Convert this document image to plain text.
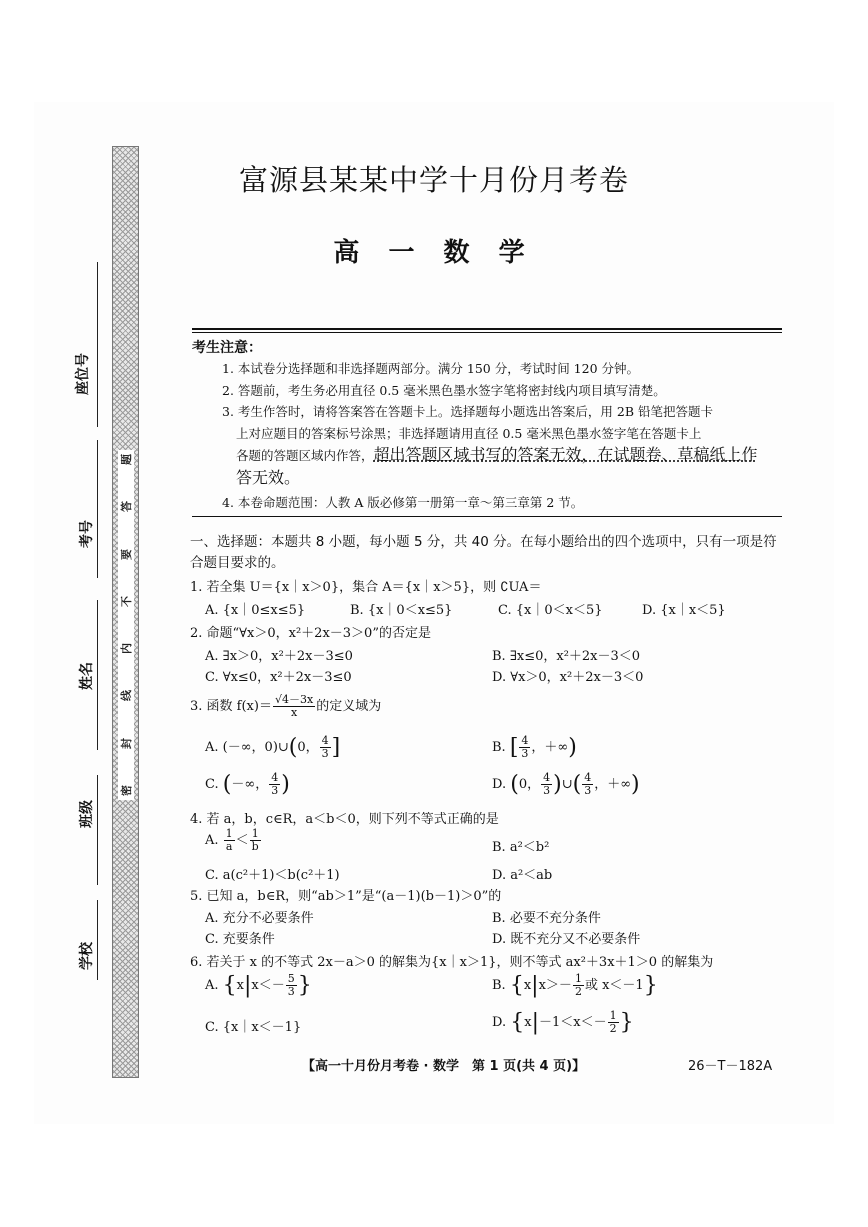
题
答
要
不
内
线
封
密
座位号
考号
姓名
班级
学校
富源县某某中学十月份月考卷
高 一 数 学
考生注意：

1. 本试卷分选择题和非选择题两部分。满分 150 分，考试时间 120 分钟。

2. 答题前，考生务必用直径 0.5 毫米黑色墨水签字笔将密封线内项目填写清楚。

3. 考生作答时，请将答案答在答题卡上。选择题每小题选出答案后，用 2B 铅笔把答题卡

上对应题目的答案标号涂黑；非选择题请用直径 0.5 毫米黑色墨水签字笔在答题卡上

各题的答题区域内作答，超出答题区域书写的答案无效，在试题卷、草稿纸上作

答无效。

4. 本卷命题范围：人教 A 版必修第一册第一章～第三章第 2 节。

一、选择题：本题共 8 小题，每小题 5 分，共 40 分。在每小题给出的四个选项中，只有一项是符合题目要求的。
1. 若全集 U＝{x｜x＞0}，集合 A＝{x｜x＞5}，则 ∁UA＝
A. {x｜0≤x≤5}	B. {x｜0＜x≤5}	C. {x｜0＜x＜5}	D. {x｜x＜5}
2. 命题“∀x＞0，x²＋2x－3＞0”的否定是
A. ∃x＞0，x²＋2x－3≤0	B. ∃x≤0，x²＋2x－3＜0
C. ∀x≤0，x²＋2x－3≤0	D. ∀x＞0，x²＋2x－3＜0
3. 函数 $f(x)= \frac{√4-3x}{x}$ 的定义域为
A. (－∞，0)∪(0， $\frac{4}{3}$ ]	B. [ $\frac{4}{3}$ ，＋∞)
C. (－∞， $\frac{4}{3}$ )	D. (0， $\frac{4}{3}$ )∪( $\frac{4}{3}$ ，＋∞)
4. 若 a，b，c∈R，a＜b＜0，则下列不等式正确的是
A. $\frac{1}{a} < \frac{1}{b}$	B. a²＜b²
C. a(c²＋1)＜b(c²＋1)	D. a²＜ab
5. 已知 a，b∈R，则“ab＞1”是“(a－1)(b－1)＞0”的
A. 充分不必要条件	B. 必要不充分条件
C. 充要条件	D. 既不充分又不必要条件
6. 若关于 x 的不等式 2x－a＞0 的解集为{x｜x＞1}，则不等式 ax²＋3x＋1＞0 的解集为
A. {$x|x<- \frac{5}{3}$ }	B. {$x|x>- \frac{1}{2}$ 或 x＜－1}
C. {x｜x＜－1}	D. {$x|-1<x<- \frac{1}{2}$ }
【高一十月份月考卷 · 数学　第 1 页(共 4 页)】	26－T－182A
